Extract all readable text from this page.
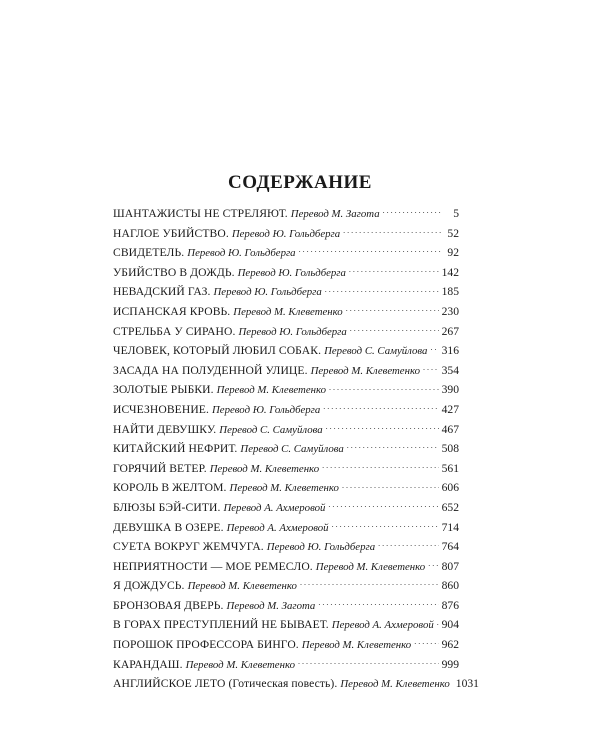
СОДЕРЖАНИЕ
ШАНТАЖИСТЫ НЕ СТРЕЛЯЮТ. Перевод М. Загота . . .	5
НАГЛОЕ УБИЙСТВО. Перевод Ю. Гольдберга . . .	52
СВИДЕТЕЛЬ. Перевод Ю. Гольдберга . . .	92
УБИЙСТВО В ДОЖДЬ. Перевод Ю. Гольдберга . . .	142
НЕВАДСКИЙ ГАЗ. Перевод Ю. Гольдберга . . .	185
ИСПАНСКАЯ КРОВЬ. Перевод М. Клеветенко . . .	230
СТРЕЛЬБА У СИРАНО. Перевод Ю. Гольдберга . . .	267
ЧЕЛОВЕК, КОТОРЫЙ ЛЮБИЛ СОБАК. Перевод С. Самуйлова . . . 316
ЗАСАДА НА ПОЛУДЕННОЙ УЛИЦЕ. Перевод М. Клеветенко . . . 354
ЗОЛОТЫЕ РЫБКИ. Перевод М. Клеветенко . . .	390
ИСЧЕЗНОВЕНИЕ. Перевод Ю. Гольдберга . . .	427
НАЙТИ ДЕВУШКУ. Перевод С. Самуйлова . . .	467
КИТАЙСКИЙ НЕФРИТ. Перевод С. Самуйлова . . .	508
ГОРЯЧИЙ ВЕТЕР. Перевод М. Клеветенко . . .	561
КОРОЛЬ В ЖЕЛТОМ. Перевод М. Клеветенко . . .	606
БЛЮЗЫ БЭЙ-СИТИ. Перевод А. Ахмеровой . . .	652
ДЕВУШКА В ОЗЕРЕ. Перевод А. Ахмеровой . . .	714
СУЕТА ВОКРУГ ЖЕМЧУГА. Перевод Ю. Гольдберга . . .	764
НЕПРИЯТНОСТИ — МОЕ РЕМЕСЛО. Перевод М. Клеветенко . . . 807
Я ДОЖДУСЬ. Перевод М. Клеветенко . . .	860
БРОНЗОВАЯ ДВЕРЬ. Перевод М. Загота . . .	876
В ГОРАХ ПРЕСТУПЛЕНИЙ НЕ БЫВАЕТ. Перевод А. Ахмеровой . . . 904
ПОРОШОК ПРОФЕССОРА БИНГО. Перевод М. Клеветенко . . .	962
КАРАНДАШ. Перевод М. Клеветенко . . .	999
АНГЛИЙСКОЕ ЛЕТО (Готическая повесть). Перевод М. Клеветенко 1031
